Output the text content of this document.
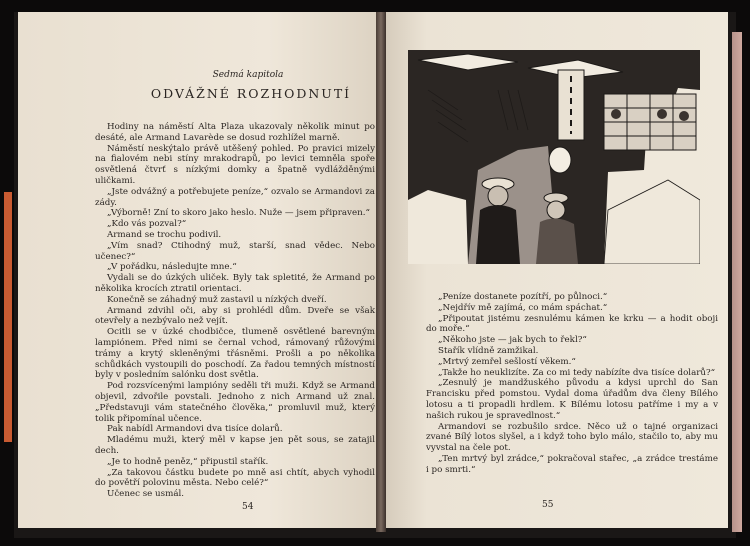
Sedmá kapitola
ODVÁŽNÉ ROZHODNUTÍ

Hodiny na náměstí Alta Plaza ukazovaly několik minut po desáté, ale Armand Lavarède se dosud rozhlížel marně.

Náměstí neskýtalo právě utěšený pohled. Po pravici mizely na fialovém nebi stíny mrakodrapů, po levici temněla spoře osvětlená čtvrť s nízkými domky a špatně vydlážděnými uličkami.

„Jste odvážný a potřebujete peníze,“ ozvalo se Armandovi za zády.

„Výborně! Zní to skoro jako heslo. Nuže — jsem připraven.“

„Kdo vás pozval?“

Armand se trochu podivil.

„Vím snad? Ctihodný muž, starší, snad vědec. Nebo učenec?“

„V pořádku, následujte mne.“

Vydali se do úzkých uliček. Byly tak spletité, že Armand po několika krocích ztratil orientaci.

Konečně se záhadný muž zastavil u nízkých dveří.

Armand zdvihl oči, aby si prohlédl dům. Dveře se však otevřely a nezbývalo než vejít.

Ocitli se v úzké chodbičce, tlumeně osvětlené barevným lampiónem. Před nimi se černal vchod, rámovaný růžovými trámy a krytý skleněnými třásněmi. Prošli a po několika schůdkách vystoupili do poschodí. Za řadou temných místností byly v posledním salónku dost světla.

Pod rozsvícenými lampióny seděli tři muži. Když se Armand objevil, zdvořile povstali. Jednoho z nich Armand už znal. „Představuji vám statečného člověka,“ promluvil muž, který tolik připomínal učence.

Pak nabídl Armandovi dva tisíce dolarů.

Mladému muži, který měl v kapse jen pět sous, se zatajil dech.

„Je to hodně peněz,“ připustil stařík.

„Za takovou částku budete po mně asi chtít, abych vyhodil do povětří polovinu města. Nebo celé?“

Učenec se usmál.

54

„Peníze dostanete pozítří, po půlnoci.“

„Nejdřív mě zajímá, co mám spáchat.“

„Připoutat jistému zesnulému kámen ke krku — a hodit oboji do moře.“

„Někoho jste — jak bych to řekl?“

Stařík vlídně zamžikal.

„Mrtvý zemřel sešlostí věkem.“

„Takže ho neuklizíte. Za co mi tedy nabízíte dva tisíce dolarů?“

„Zesnulý je mandžuského původu a kdysi uprchl do San Francisku před pomstou. Vydal doma úřadům dva členy Bílého lotosu a ti propadli hrdlem. K Bílému lotosu patříme i my a v našich rukou je spravedlnost.“

Armandovi se rozbušilo srdce. Něco už o tajné organizaci zvané Bílý lotos slyšel, a i když toho bylo málo, stačilo to, aby mu vyvstal na čele pot.

„Ten mrtvý byl zrádce,“ pokračoval stařec, „a zrádce trestáme i po smrti.“

55
